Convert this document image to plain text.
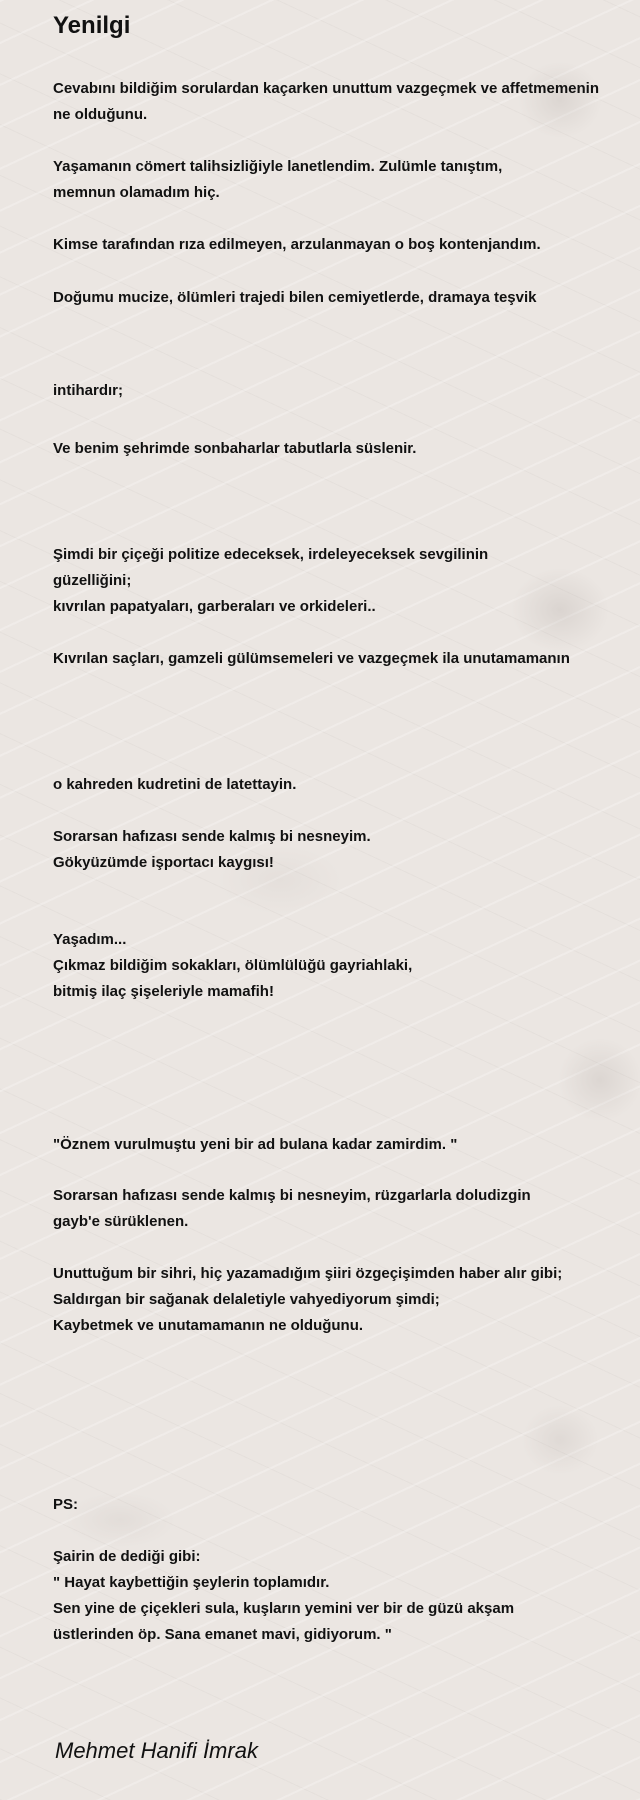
Yenilgi
Cevabını bildiğim sorulardan kaçarken unuttum vazgeçmek ve affetmemenin
ne olduğunu.
Yaşamanın cömert talihsizliğiyle lanetlendim. Zulümle tanıştım,
memnun olamadım hiç.
Kimse tarafından rıza edilmeyen, arzulanmayan o boş kontenjandım.
Doğumu mucize, ölümleri trajedi bilen cemiyetlerde, dramaya teşvik
intihardır;
Ve benim şehrimde sonbaharlar tabutlarla süslenir.
Şimdi bir çiçeği politize edeceksek, irdeleyeceksek sevgilinin
güzelliğini;
kıvrılan papatyaları, garberaları ve orkideleri..
Kıvrılan saçları, gamzeli gülümsemeleri ve vazgeçmek ila unutamamanın
o kahreden kudretini de latettayin.
Sorarsan hafızası sende kalmış bi nesneyim.
Gökyüzümde işportacı kaygısı!
Yaşadım...
Çıkmaz bildiğim sokakları, ölümlülüğü gayriahlaki,
bitmiş ilaç şişeleriyle mamafih!
"Öznem vurulmuştu yeni bir ad bulana kadar zamirdim. "
Sorarsan hafızası sende kalmış bi nesneyim, rüzgarlarla doludizgin
gayb'e sürüklenen.
Unuttuğum bir sihri, hiç yazamadığım şiiri özgeçişimden haber alır gibi;
Saldırgan bir sağanak delaletiyle vahyediyorum şimdi;
Kaybetmek ve unutamamanın ne olduğunu.
PS:
Şairin de dediği gibi:
" Hayat kaybettiğin şeylerin toplamıdır.
Sen yine de çiçekleri sula, kuşların yemini ver bir de güzü akşam
üstlerinden öp. Sana emanet mavi, gidiyorum. "
Mehmet Hanifi İmrak
